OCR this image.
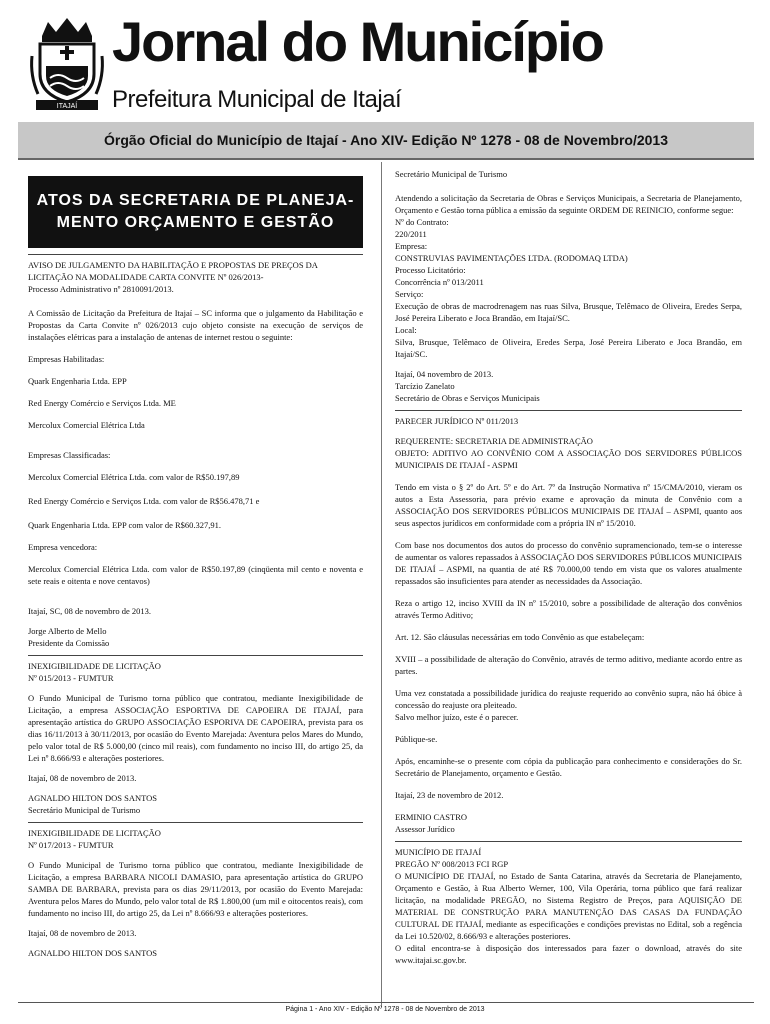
ITAJAÍ
Jornal do Município
Prefeitura Municipal de Itajaí
Órgão Oficial do Município de Itajaí - Ano XIV- Edição Nº 1278 - 08 de Novembro/2013
ATOS DA SECRETARIA DE PLANEJA-
MENTO ORÇAMENTO E GESTÃO

AVISO DE JULGAMENTO DA HABILITAÇÃO E PROPOSTAS DE PREÇOS DA

LICITAÇÃO NA MODALIDADE CARTA CONVITE Nº 026/2013-

Processo Administrativo nº 2810091/2013.

A Comissão de Licitação da Prefeitura de Itajaí – SC informa que o julgamento da Habilitação e Propostas da Carta Convite nº 026/2013 cujo objeto consiste na execução de serviços de instalações elétricas para a instalação de antenas de internet restou o seguinte:

Empresas Habilitadas:

Quark Engenharia Ltda. EPP

Red Energy Comércio e Serviços Ltda. ME

Mercolux Comercial Elétrica Ltda

Empresas Classificadas:

Mercolux Comercial Elétrica Ltda. com valor de R$50.197,89

Red Energy Comércio e Serviços Ltda. com valor de R$56.478,71 e

Quark Engenharia Ltda. EPP com valor de R$60.327,91.

Empresa vencedora:

Mercolux Comercial Elétrica Ltda. com valor de R$50.197,89 (cinqüenta mil cento e noventa e sete reais e oitenta e nove centavos)

Itajaí, SC, 08 de novembro de 2013.

Jorge Alberto de Mello

Presidente da Comissão

INEXIGIBILIDADE DE LICITAÇÃO

Nº 015/2013 - FUMTUR

O Fundo Municipal de Turismo torna público que contratou, mediante Inexigibilidade de Licitação, a empresa ASSOCIAÇÃO ESPORTIVA DE CAPOEIRA DE ITAJAÍ, para apresentação artística do GRUPO ASSOCIAÇÃO ESPORIVA DE CAPOEIRA, prevista para os dias 16/11/2013 à 30/11/2013, por ocasião do Evento Marejada: Aventura pelos Mares do Mundo, pelo valor total de R$ 5.000,00 (cinco mil reais), com fundamento no inciso III, do artigo 25, da Lei nº 8.666/93 e alterações posteriores.

Itajaí, 08 de novembro de 2013.

AGNALDO HILTON DOS SANTOS

Secretário Municipal de Turismo

INEXIGIBILIDADE DE LICITAÇÃO

Nº 017/2013 - FUMTUR

O Fundo Municipal de Turismo torna público que contratou, mediante Inexigibilidade de Licitação, a empresa BARBARA NICOLI DAMASIO, para apresentação artística do GRUPO SAMBA DE BARBARA, prevista para os dias 29/11/2013, por ocasião do Evento Marejada: Aventura pelos Mares do Mundo, pelo valor total de R$ 1.800,00 (um mil e oitocentos reais), com fundamento no inciso III, do artigo 25, da Lei nº 8.666/93 e alterações posteriores.

Itajaí, 08 de novembro de 2013.

AGNALDO HILTON DOS SANTOS

Secretário Municipal de Turismo

Atendendo a solicitação da Secretaria de Obras e Serviços Municipais, a Secretaria de Planejamento, Orçamento e Gestão torna pública a emissão da seguinte ORDEM DE REINICIO, conforme segue:

Nº do Contrato:

220/2011

Empresa:

CONSTRUVIAS PAVIMENTAÇÕES LTDA. (RODOMAQ LTDA)

Processo Licitatório:

Concorrência nº 013/2011

Serviço:

Execução de obras de macrodrenagem nas ruas Silva, Brusque, Telêmaco de Oliveira, Eredes Serpa, José Pereira Liberato e Joca Brandão, em Itajaí/SC.

Local:

Silva, Brusque, Telêmaco de Oliveira, Eredes Serpa, José Pereira Liberato e Joca Brandão, em Itajaí/SC.

Itajaí, 04 novembro de 2013.

Tarcízio Zanelato

Secretário de Obras e Serviços Municipais

PARECER JURÍDICO Nº 011/2013

REQUERENTE: SECRETARIA DE ADMINISTRAÇÃO

OBJETO: ADITIVO AO CONVÊNIO COM A ASSOCIAÇÃO DOS SERVIDORES PÚBLICOS MUNICIPAIS DE ITAJAÍ - ASPMI

Tendo em vista o § 2º do Art. 5º e do Art. 7º da Instrução Normativa nº 15/CMA/2010, vieram os autos a Esta Assessoria, para prévio exame e aprovação da minuta de Convênio com a ASSOCIAÇÃO DOS SERVIDORES PÚBLICOS MUNICIPAIS DE ITAJAÍ – ASPMI, quanto aos seus aspectos jurídicos em conformidade com a própria IN nº 15/2010.

Com base nos documentos dos autos do processo do convênio supramencionado, tem-se o interesse de aumentar os valores repassados à ASSOCIAÇÃO DOS SERVIDORES PÚBLICOS MUNICIPAIS DE ITAJAÍ – ASPMI, na quantia de até R$ 70.000,00 tendo em vista que os valores atualmente repassados são insuficientes para atender as necessidades da Associação.

Reza o artigo 12, inciso XVIII da IN nº 15/2010, sobre a possibilidade de alteração dos convênios através Termo Aditivo;

Art. 12. São cláusulas necessárias em todo Convênio as que estabeleçam:

XVIII – a possibilidade de alteração do Convênio, através de termo aditivo, mediante acordo entre as partes.

Uma vez constatada a possibilidade jurídica do reajuste requerido ao convênio supra, não há óbice à concessão do reajuste ora pleiteado.

Salvo melhor juízo, este é o parecer.

Públique-se.

Após, encaminhe-se o presente com cópia da publicação para conhecimento e considerações do Sr. Secretário de Planejamento, orçamento e Gestão.

Itajaí, 23 de novembro de 2012.

ERMINIO CASTRO

Assessor Jurídico

MUNICÍPIO DE ITAJAÍ

PREGÃO Nº 008/2013 FCI RGP

O MUNICÍPIO DE ITAJAÍ, no Estado de Santa Catarina, através da Secretaria de Planejamento, Orçamento e Gestão, à Rua Alberto Werner, 100, Vila Operária, torna público que fará realizar licitação, na modalidade PREGÃO, no Sistema Registro de Preços, para AQUISIÇÃO DE MATERIAL DE CONSTRUÇÃO PARA MANUTENÇÃO DAS CASAS DA FUNDAÇÃO CULTURAL DE ITAJAÍ, mediante as especificações e condições previstas no Edital, sob a regência da Lei 10.520/02, 8.666/93 e alterações posteriores.

O edital encontra-se à disposição dos interessados para fazer o download, através do site www.itajai.sc.gov.br.

Página 1 - Ano XIV - Edição Nº 1278 - 08 de Novembro de 2013
